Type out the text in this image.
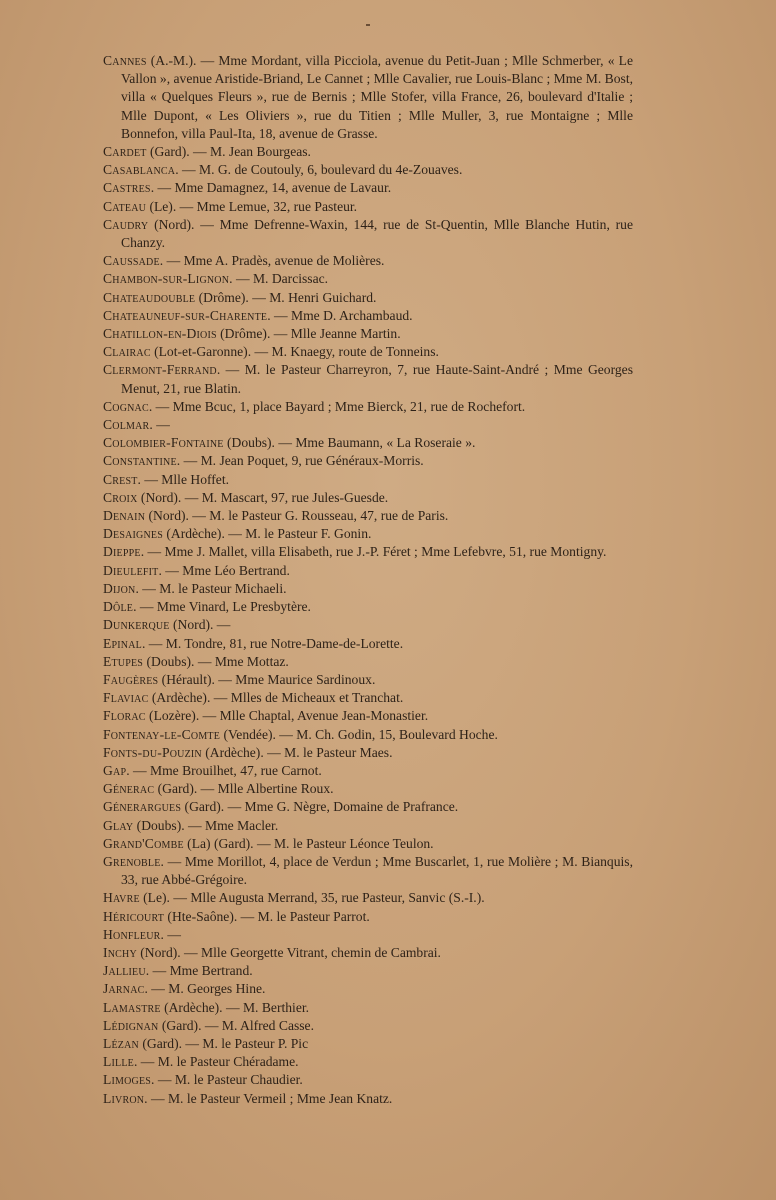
Cannes (A.-M.). — Mme Mordant, villa Picciola, avenue du Petit-Juan ; Mlle Schmerber, « Le Vallon », avenue Aristide-Briand, Le Cannet ; Mlle Cavalier, rue Louis-Blanc ; Mme M. Bost, villa « Quelques Fleurs », rue de Bernis ; Mlle Stofer, villa France, 26, boulevard d'Italie ; Mlle Dupont, « Les Oliviers », rue du Titien ; Mlle Muller, 3, rue Montaigne ; Mlle Bonnefon, villa Paul-Ita, 18, avenue de Grasse.

Cardet (Gard). — M. Jean Bourgeas.

Casablanca. — M. G. de Coutouly, 6, boulevard du 4e-Zouaves.

Castres. — Mme Damagnez, 14, avenue de Lavaur.

Cateau (Le). — Mme Lemue, 32, rue Pasteur.

Caudry (Nord). — Mme Defrenne-Waxin, 144, rue de St-Quentin, Mlle Blanche Hutin, rue Chanzy.

Caussade. — Mme A. Pradès, avenue de Molières.

Chambon-sur-Lignon. — M. Darcissac.

Chateaudouble (Drôme). — M. Henri Guichard.

Chateauneuf-sur-Charente. — Mme D. Archambaud.

Chatillon-en-Diois (Drôme). — Mlle Jeanne Martin.

Clairac (Lot-et-Garonne). — M. Knaegy, route de Tonneins.

Clermont-Ferrand. — M. le Pasteur Charreyron, 7, rue Haute-Saint-André ; Mme Georges Menut, 21, rue Blatin.

Cognac. — Mme Bcuc, 1, place Bayard ; Mme Bierck, 21, rue de Rochefort.

Colmar. —

Colombier-Fontaine (Doubs). — Mme Baumann, « La Roseraie ».

Constantine. — M. Jean Poquet, 9, rue Généraux-Morris.

Crest. — Mlle Hoffet.

Croix (Nord). — M. Mascart, 97, rue Jules-Guesde.

Denain (Nord). — M. le Pasteur G. Rousseau, 47, rue de Paris.

Desaignes (Ardèche). — M. le Pasteur F. Gonin.

Dieppe. — Mme J. Mallet, villa Elisabeth, rue J.-P. Féret ; Mme Lefebvre, 51, rue Montigny.

Dieulefit. — Mme Léo Bertrand.

Dijon. — M. le Pasteur Michaeli.

Dôle. — Mme Vinard, Le Presbytère.

Dunkerque (Nord). —

Epinal. — M. Tondre, 81, rue Notre-Dame-de-Lorette.

Etupes (Doubs). — Mme Mottaz.

Faugères (Hérault). — Mme Maurice Sardinoux.

Flaviac (Ardèche). — Mlles de Micheaux et Tranchat.

Florac (Lozère). — Mlle Chaptal, Avenue Jean-Monastier.

Fontenay-le-Comte (Vendée). — M. Ch. Godin, 15, Boulevard Hoche.

Fonts-du-Pouzin (Ardèche). — M. le Pasteur Maes.

Gap. — Mme Brouilhet, 47, rue Carnot.

Génerac (Gard). — Mlle Albertine Roux.

Génerargues (Gard). — Mme G. Nègre, Domaine de Prafrance.

Glay (Doubs). — Mme Macler.

Grand'Combe (La) (Gard). — M. le Pasteur Léonce Teulon.

Grenoble. — Mme Morillot, 4, place de Verdun ; Mme Buscarlet, 1, rue Molière ; M. Bianquis, 33, rue Abbé-Grégoire.

Havre (Le). — Mlle Augusta Merrand, 35, rue Pasteur, Sanvic (S.-I.).

Héricourt (Hte-Saône). — M. le Pasteur Parrot.

Honfleur. —

Inchy (Nord). — Mlle Georgette Vitrant, chemin de Cambrai.

Jallieu. — Mme Bertrand.

Jarnac. — M. Georges Hine.

Lamastre (Ardèche). — M. Berthier.

Lédignan (Gard). — M. Alfred Casse.

Lézan (Gard). — M. le Pasteur P. Pic

Lille. — M. le Pasteur Chéradame.

Limoges. — M. le Pasteur Chaudier.

Livron. — M. le Pasteur Vermeil ; Mme Jean Knatz.
